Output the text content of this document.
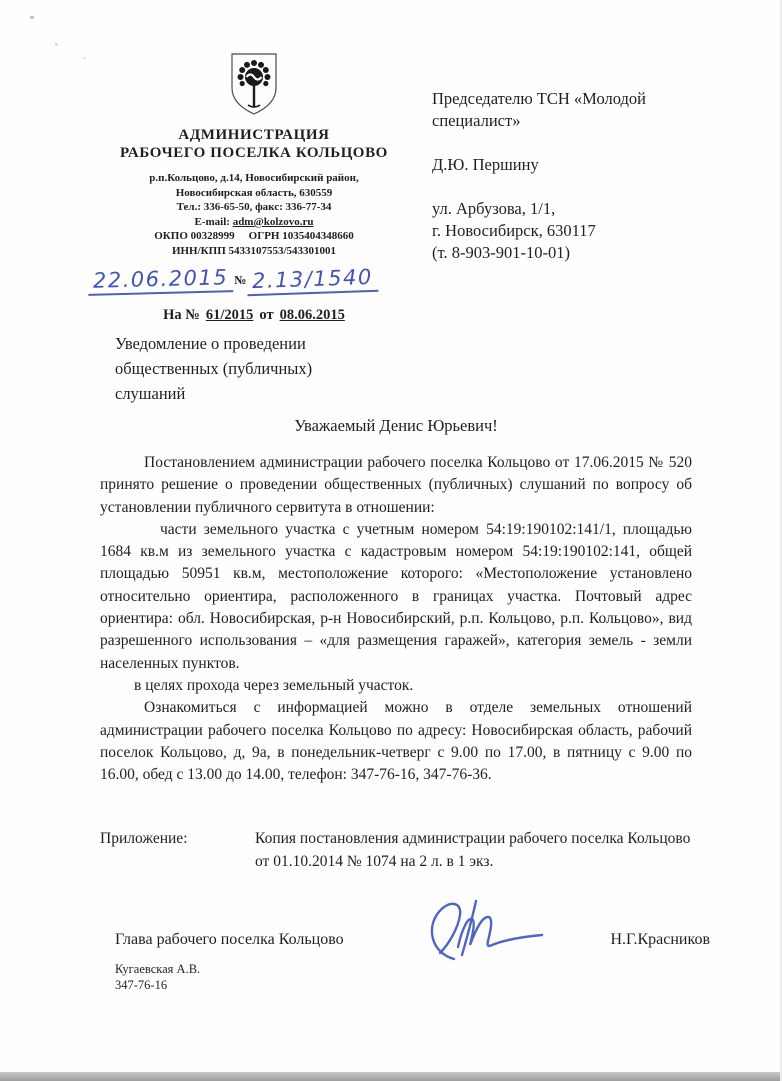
АДМИНИСТРАЦИЯ
РАБОЧЕГО ПОСЕЛКА КОЛЬЦОВО
р.п.Кольцово, д.14, Новосибирский район,
Новосибирская область, 630559
Тел.: 336-65-50, факс: 336-77-34
E-mail: adm@kolzovo.ru
ОКПО 00328999 ОГРН 1035404348660
ИНН/КПП 5433107553/543301001
22.06.2015 № 2.13/1540
На № 61/2015 от 08.06.2015
Председателю ТСН «Молодой
специалист»
Д.Ю. Першину
ул. Арбузова, 1/1,
г. Новосибирск, 630117
(т. 8-903-901-10-01)
Уведомление о проведении
общественных (публичных)
слушаний
Уважаемый Денис Юрьевич!

Постановлением администрации рабочего поселка Кольцово от 17.06.2015 № 520 принято решение о проведении общественных (публичных) слушаний по вопросу об установлении публичного сервитута в отношении:

части земельного участка с учетным номером 54:19:190102:141/1, площадью 1684 кв.м из земельного участка с кадастровым номером 54:19:190102:141, общей площадью 50951 кв.м, местоположение которого: «Местоположение установлено относительно ориентира, расположенного в границах участка. Почтовый адрес ориентира: обл. Новосибирская, р-н Новосибирский, р.п. Кольцово, р.п. Кольцово», вид разрешенного использования – «для размещения гаражей», категория земель - земли населенных пунктов.

в целях прохода через земельный участок.

Ознакомиться с информацией можно в отделе земельных отношений администрации рабочего поселка Кольцово по адресу: Новосибирская область, рабочий поселок Кольцово, д, 9а, в понедельник-четверг с 9.00 по 17.00, в пятницу с 9.00 по 16.00, обед с 13.00 до 14.00, телефон: 347-76-16, 347-76-36.

Приложение:	Копия постановления администрации рабочего поселка Кольцово от 01.10.2014 № 1074 на 2 л. в 1 экз.
Глава рабочего поселка Кольцово	Н.Г.Красников
Кугаевская А.В.
347-76-16
